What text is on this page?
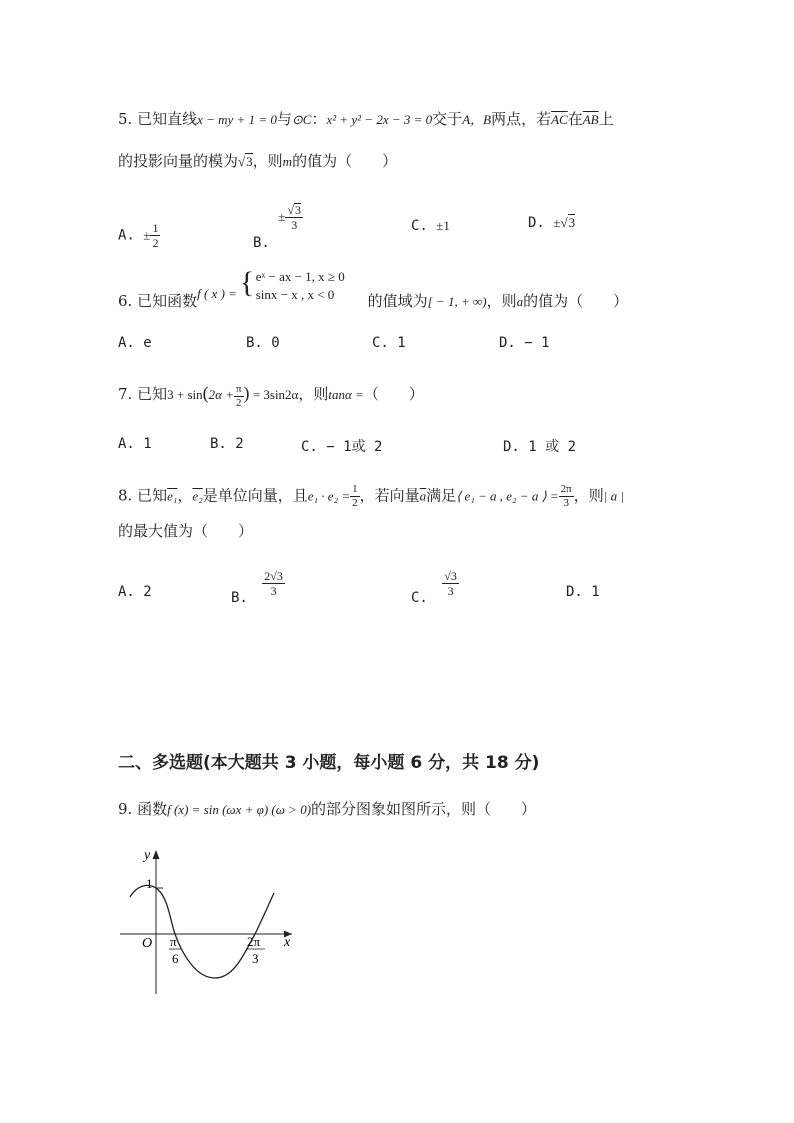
5. 已知直线x − my + 1 = 0与⊙C：x² + y² − 2x − 3 = 0交于A，B两点，若$\overline{AC}$在$\overline{AB}$上
的投影向量的模为√3，则m的值为（　　）
A. ± $\frac{1}{2}$	B. ± $\frac{√3}{3}$	C. ±1	D. ±√3
6. 已知函数f ( x ) = { eˣ − ax − 1, x ≥ 0
sinx − x , x < 0	的值域为[ − 1, + ∞)，则a的值为（　　）
A. e	B. 0	C. 1	D. − 1
7. 已知$3 + \sin(2\alpha + \frac{\pi}{2}$ ) = 3sin2α，则tanα =（　　）
A. 1	B. 2	C. − 1或 2	D. 1 或 2
8. 已知e₁，e₂是单位向量，且$e_1 \cdot e_2 = \frac{1}{2}$ ，若向量$\overline{a}$满足⟨ e₁ − a , e₂ − a ⟩ = $\frac{2\pi}{3}$ ，则| a |
的最大值为（　　）
A. 2	B.
$\frac{2√3}{3}$
C.
$\frac{√3}{3}$	D. 1
二、多选题(本大题共 3 小题，每小题 6 分，共 18 分)
9. 函数f (x) = sin (ωx + φ) (ω > 0)的部分图象如图所示，则（　　）
y
x
O
1
π
6
2π
3
